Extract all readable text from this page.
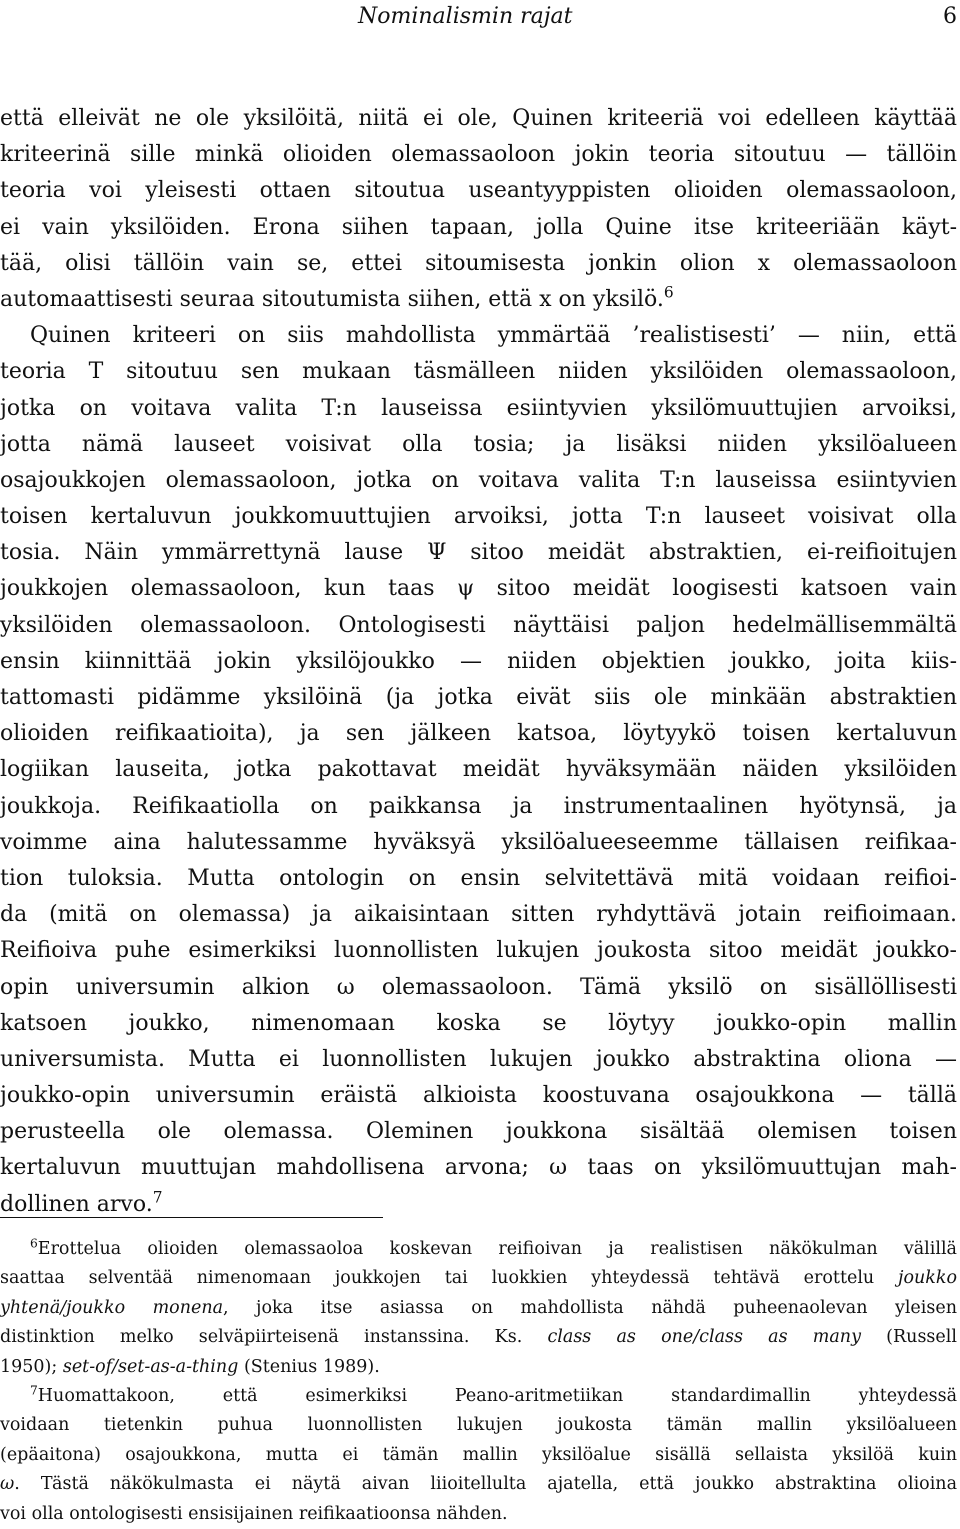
Nominalismin rajat	6
että elleivät ne ole yksilöitä, niitä ei ole, Quinen kriteeriä voi edelleen käyttää
kriteerinä sille minkä olioiden olemassaoloon jokin teoria sitoutuu — tällöin
teoria voi yleisesti ottaen sitoutua useantyyppisten olioiden olemassaoloon,
ei vain yksilöiden. Erona siihen tapaan, jolla Quine itse kriteeriään käyt-
tää, olisi tällöin vain se, ettei sitoumisesta jonkin olion x olemassaoloon
automaattisesti seuraa sitoutumista siihen, että x on yksilö.$^6$
Quinen kriteeri on siis mahdollista ymmärtää ’realistisesti’ — niin, että
teoria T sitoutuu sen mukaan täsmälleen niiden yksilöiden olemassaoloon,
jotka on voitava valita T:n lauseissa esiintyvien yksilömuuttujien arvoiksi,
jotta nämä lauseet voisivat olla tosia; ja lisäksi niiden yksilöalueen
osajoukkojen olemassaoloon, jotka on voitava valita T:n lauseissa esiintyvien
toisen kertaluvun joukkomuuttujien arvoiksi, jotta T:n lauseet voisivat olla
tosia. Näin ymmärrettynä lause Ψ sitoo meidät abstraktien, ei-reifioitujen
joukkojen olemassaoloon, kun taas ψ sitoo meidät loogisesti katsoen vain
yksilöiden olemassaoloon. Ontologisesti näyttäisi paljon hedelmällisemmältä
ensin kiinnittää jokin yksilöjoukko — niiden objektien joukko, joita kiis-
tattomasti pidämme yksilöinä (ja jotka eivät siis ole minkään abstraktien
olioiden reifikaatioita), ja sen jälkeen katsoa, löytyykö toisen kertaluvun
logiikan lauseita, jotka pakottavat meidät hyväksymään näiden yksilöiden
joukkoja. Reifikaatiolla on paikkansa ja instrumentaalinen hyötynsä, ja
voimme aina halutessamme hyväksyä yksilöalueeseemme tällaisen reifikaa-
tion tuloksia. Mutta ontologin on ensin selvitettävä mitä voidaan reifioi-
da (mitä on olemassa) ja aikaisintaan sitten ryhdyttävä jotain reifioimaan.
Reifioiva puhe esimerkiksi luonnollisten lukujen joukosta sitoo meidät joukko-
opin universumin alkion ω olemassaoloon. Tämä yksilö on sisällöllisesti
katsoen joukko, nimenomaan koska se löytyy joukko-opin mallin
universumista. Mutta ei luonnollisten lukujen joukko abstraktina oliona —
joukko-opin universumin eräistä alkioista koostuvana osajoukkona — tällä
perusteella ole olemassa. Oleminen joukkona sisältää olemisen toisen
kertaluvun muuttujan mahdollisena arvona; ω taas on yksilömuuttujan mah-
dollinen arvo.$^7$
$^6$Erottelua olioiden olemassaoloa koskevan reifioivan ja realistisen näkökulman välillä
saattaa selventää nimenomaan joukkojen tai luokkien yhteydessä tehtävä erottelu joukko
yhtenä/joukko monena, joka itse asiassa on mahdollista nähdä puheenaolevan yleisen
distinktion melko selväpiirteisenä instanssina. Ks. class as one/class as many (Russell
1950); set-of/set-as-a-thing (Stenius 1989).
$^7$Huomattakoon, että esimerkiksi Peano-aritmetiikan standardimallin yhteydessä
voidaan tietenkin puhua luonnollisten lukujen joukosta tämän mallin yksilöalueen
(epäaitona) osajoukkona, mutta ei tämän mallin yksilöalue sisällä sellaista yksilöä kuin
ω. Tästä näkökulmasta ei näytä aivan liioitellulta ajatella, että joukko abstraktina olioina
voi olla ontologisesti ensisijainen reifikaatioonsa nähden.
